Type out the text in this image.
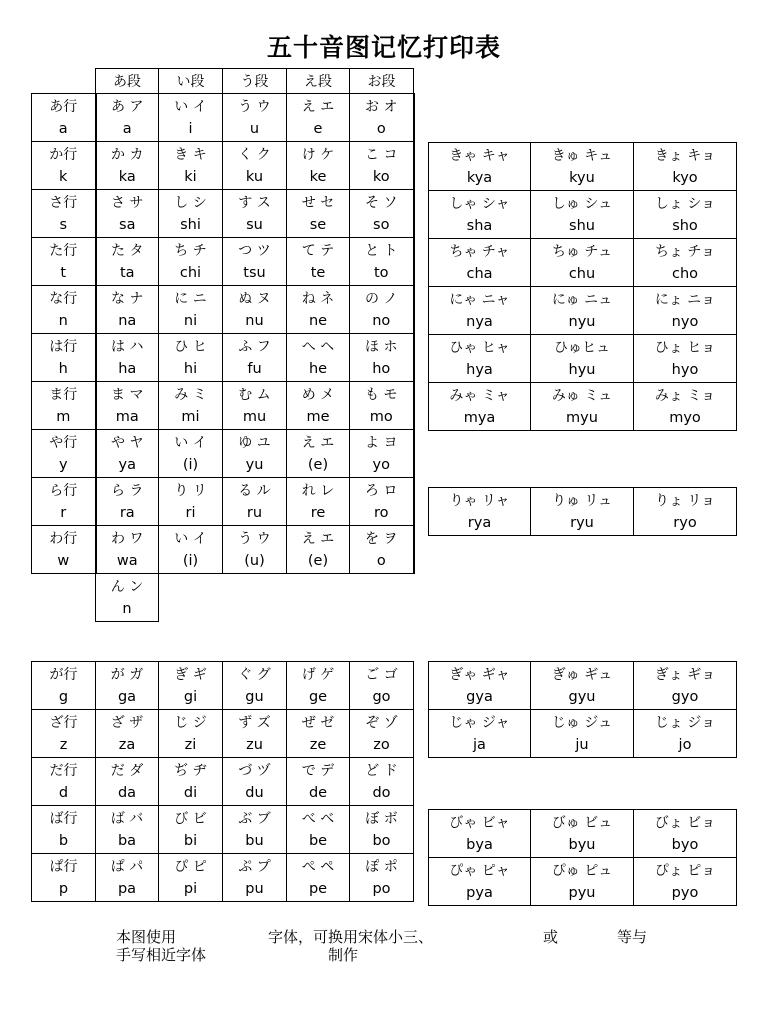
五十音图记忆打印表
	あ段	い段	う段	え段	お段
あ行	あ ア	い イ	う ウ	え エ	お オ
a	a	i	u	e	o
か行	か カ	き キ	く ク	け ケ	こ コ
k	ka	ki	ku	ke	ko
さ行	さ サ	し シ	す ス	せ セ	そ ソ
s	sa	shi	su	se	so
た行	た タ	ち チ	つ ツ	て テ	と ト
t	ta	chi	tsu	te	to
な行	な ナ	に ニ	ぬ ヌ	ね ネ	の ノ
n	na	ni	nu	ne	no
は行	は ハ	ひ ヒ	ふ フ	へ ヘ	ほ ホ
h	ha	hi	fu	he	ho
ま行	ま マ	み ミ	む ム	め メ	も モ
m	ma	mi	mu	me	mo
や行	や ヤ	い イ	ゆ ユ	え エ	よ ヨ
y	ya	(i)	yu	(e)	yo
ら行	ら ラ	り リ	る ル	れ レ	ろ ロ
r	ra	ri	ru	re	ro
わ行	わ ワ	い イ	う ウ	え エ	を ヲ
w	wa	(i)	(u)	(e)	o
	ん ン				
	n				
きゃ キャ	きゅ キュ	きょ キョ
kya	kyu	kyo
しゃ シャ	しゅ シュ	しょ ショ
sha	shu	sho
ちゃ チャ	ちゅ チュ	ちょ チョ
cha	chu	cho
にゃ ニャ	にゅ ニュ	にょ ニョ
nya	nyu	nyo
ひゃ ヒャ	ひゅヒュ	ひょ ヒョ
hya	hyu	hyo
みゃ ミャ	みゅ ミュ	みょ ミョ
mya	myu	myo
りゃ リャ	りゅ リュ	りょ リョ
rya	ryu	ryo
が行	が ガ	ぎ ギ	ぐ グ	げ ゲ	ご ゴ
g	ga	gi	gu	ge	go
ざ行	ざ ザ	じ ジ	ず ズ	ぜ ゼ	ぞ ゾ
z	za	zi	zu	ze	zo
だ行	だ ダ	ぢ ヂ	づ ヅ	で デ	ど ド
d	da	di	du	de	do
ば行	ば バ	び ビ	ぶ ブ	べ ベ	ぼ ボ
b	ba	bi	bu	be	bo
ぱ行	ぱ パ	ぴ ピ	ぷ プ	ぺ ペ	ぽ ポ
p	pa	pi	pu	pe	po
ぎゃ ギャ	ぎゅ ギュ	ぎょ ギョ
gya	gyu	gyo
じゃ ジャ	じゅ ジュ	じょ ジョ
ja	ju	jo
びゃ ビャ	びゅ ビュ	びょ ビョ
bya	byu	byo
ぴゃ ピャ	ぴゅ ピュ	ぴょ ピョ
pya	pyu	pyo
本图使用	字体，可换用宋体小三、	或	等与
手写相近字体	制作
